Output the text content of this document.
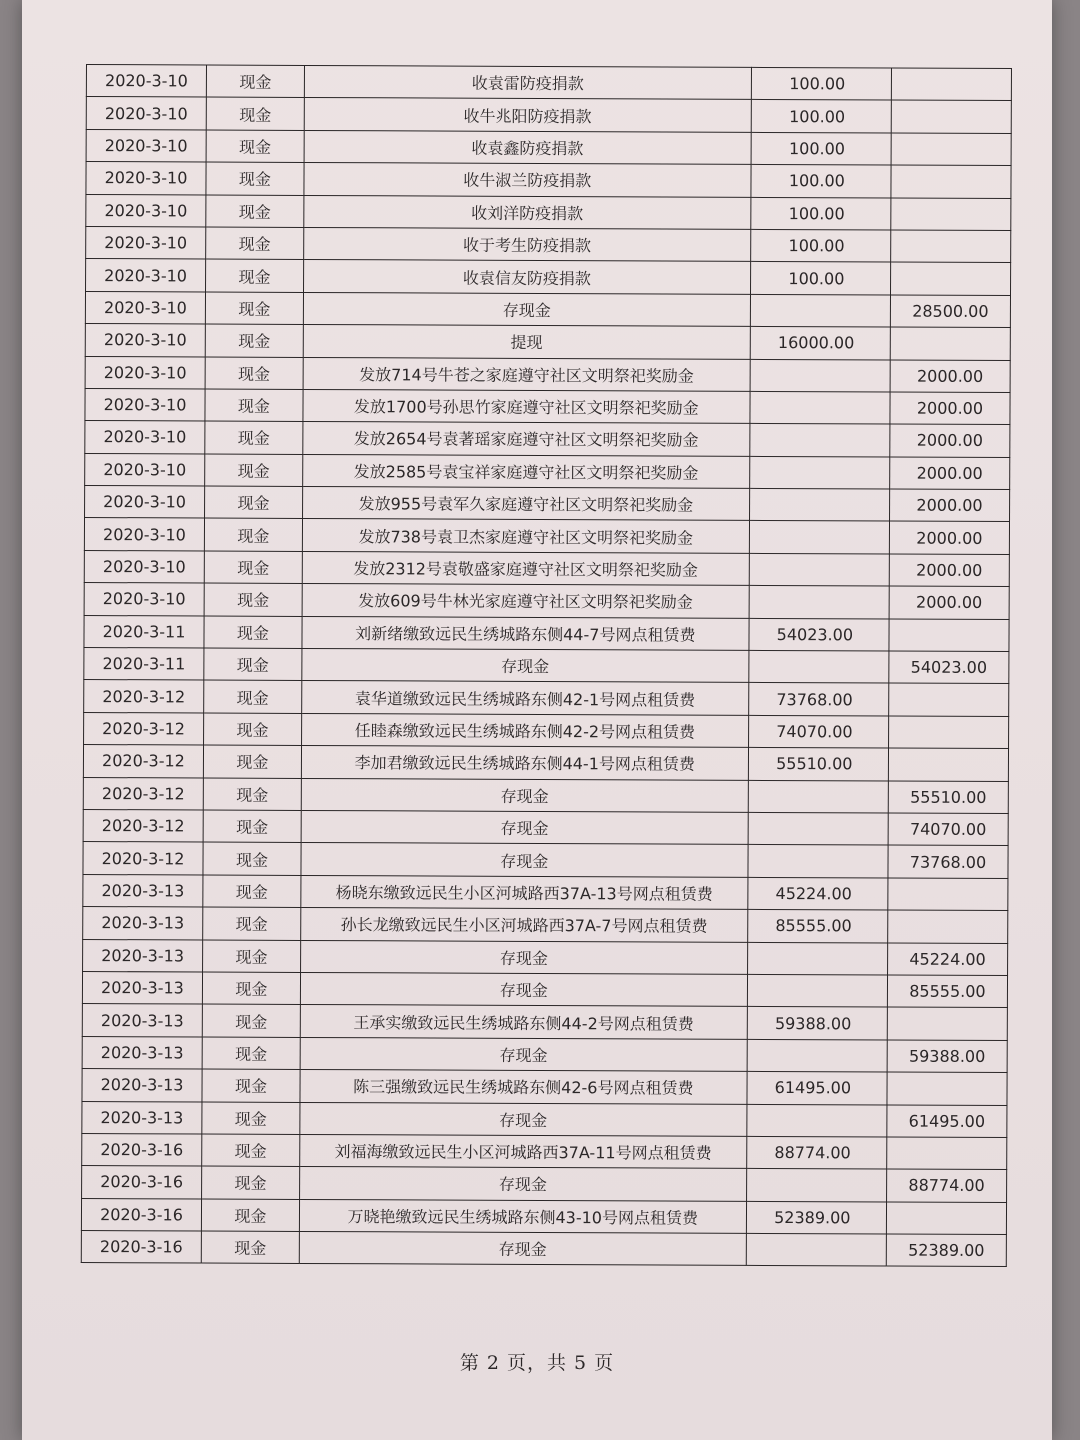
2020-3-10	现金	收袁雷防疫捐款	100.00	
2020-3-10	现金	收牛兆阳防疫捐款	100.00	
2020-3-10	现金	收袁鑫防疫捐款	100.00	
2020-3-10	现金	收牛淑兰防疫捐款	100.00	
2020-3-10	现金	收刘洋防疫捐款	100.00	
2020-3-10	现金	收于考生防疫捐款	100.00	
2020-3-10	现金	收袁信友防疫捐款	100.00	
2020-3-10	现金	存现金		28500.00
2020-3-10	现金	提现	16000.00	
2020-3-10	现金	发放714号牛苍之家庭遵守社区文明祭祀奖励金		2000.00
2020-3-10	现金	发放1700号孙思竹家庭遵守社区文明祭祀奖励金		2000.00
2020-3-10	现金	发放2654号袁著瑶家庭遵守社区文明祭祀奖励金		2000.00
2020-3-10	现金	发放2585号袁宝祥家庭遵守社区文明祭祀奖励金		2000.00
2020-3-10	现金	发放955号袁军久家庭遵守社区文明祭祀奖励金		2000.00
2020-3-10	现金	发放738号袁卫杰家庭遵守社区文明祭祀奖励金		2000.00
2020-3-10	现金	发放2312号袁敬盛家庭遵守社区文明祭祀奖励金		2000.00
2020-3-10	现金	发放609号牛林光家庭遵守社区文明祭祀奖励金		2000.00
2020-3-11	现金	刘新绪缴致远民生绣城路东侧44-7号网点租赁费	54023.00	
2020-3-11	现金	存现金		54023.00
2020-3-12	现金	袁华道缴致远民生绣城路东侧42-1号网点租赁费	73768.00	
2020-3-12	现金	任睦森缴致远民生绣城路东侧42-2号网点租赁费	74070.00	
2020-3-12	现金	李加君缴致远民生绣城路东侧44-1号网点租赁费	55510.00	
2020-3-12	现金	存现金		55510.00
2020-3-12	现金	存现金		74070.00
2020-3-12	现金	存现金		73768.00
2020-3-13	现金	杨晓东缴致远民生小区河城路西37A-13号网点租赁费	45224.00	
2020-3-13	现金	孙长龙缴致远民生小区河城路西37A-7号网点租赁费	85555.00	
2020-3-13	现金	存现金		45224.00
2020-3-13	现金	存现金		85555.00
2020-3-13	现金	王承实缴致远民生绣城路东侧44-2号网点租赁费	59388.00	
2020-3-13	现金	存现金		59388.00
2020-3-13	现金	陈三强缴致远民生绣城路东侧42-6号网点租赁费	61495.00	
2020-3-13	现金	存现金		61495.00
2020-3-16	现金	刘福海缴致远民生小区河城路西37A-11号网点租赁费	88774.00	
2020-3-16	现金	存现金		88774.00
2020-3-16	现金	万晓艳缴致远民生绣城路东侧43-10号网点租赁费	52389.00	
2020-3-16	现金	存现金		52389.00
第 2 页，共 5 页
